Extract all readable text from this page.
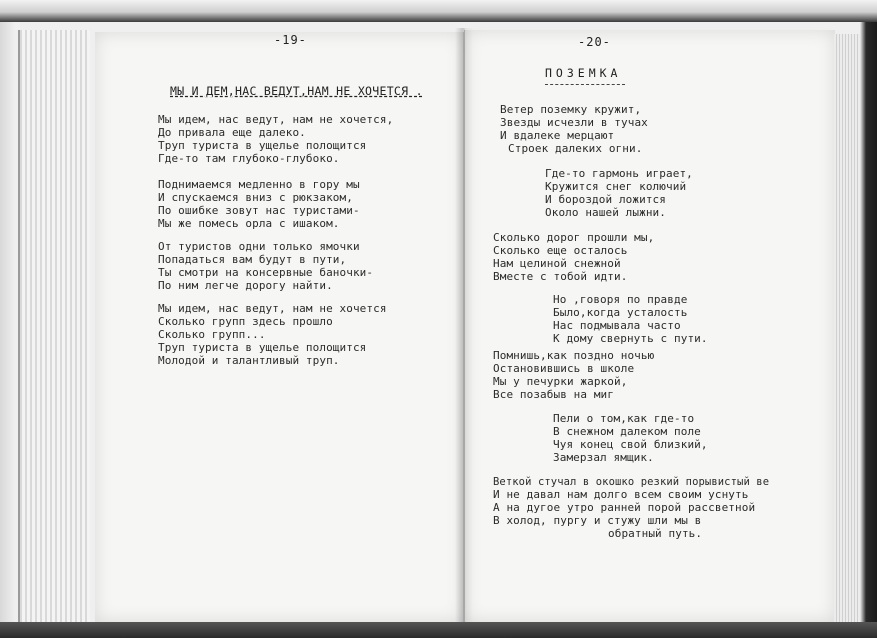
-19-
МЫ И ДЕМ,НАС ВЕДУТ,НАМ НЕ ХОЧЕТСЯ .
Мы идем, нас ведут, нам не хочется,
До привала еще далеко.
Труп туриста в ущелье полощится
Где-то там глубоко-глубоко.
Поднимаемся медленно в гору мы
И спускаемся вниз с рюкзаком,
По ошибке зовут нас туристами-
Мы же помесь орла с ишаком.
От туристов одни только ямочки
Попадаться вам будут в пути,
Ты смотри на консервные баночки-
По ним легче дорогу найти.
Мы идем, нас ведут, нам не хочется
Сколько групп здесь прошло
Сколько групп...
Труп туриста в ущелье полощится
Молодой и талантливый труп.
-20-
ПОЗЕМКА
Ветер поземку кружит,
Звезды исчезли в тучах
И вдалеке мерцают
Строек далеких огни.
Где-то гармонь играет,
Кружится снег колючий
И бороздой ложится
Около нашей лыжни.
Сколько дорог прошли мы,
Сколько еще осталось
Нам целиной снежной
Вместе с тобой идти.
Но ,говоря по правде
Было,когда усталость
Нас подмывала часто
К дому свернуть с пути.
Помнишь,как поздно ночью
Остановившись в школе
Мы у печурки жаркой,
Все позабыв на миг
Пели о том,как где-то
В снежном далеком поле
Чуя конец свой близкий,
Замерзал ямщик.
Веткой стучал в окошко резкий порывистый ве
И не давал нам долго всем своим уснуть
А на дугое утро ранней порой рассветной
В холод, пургу и стужу шли мы в
обратный путь.
